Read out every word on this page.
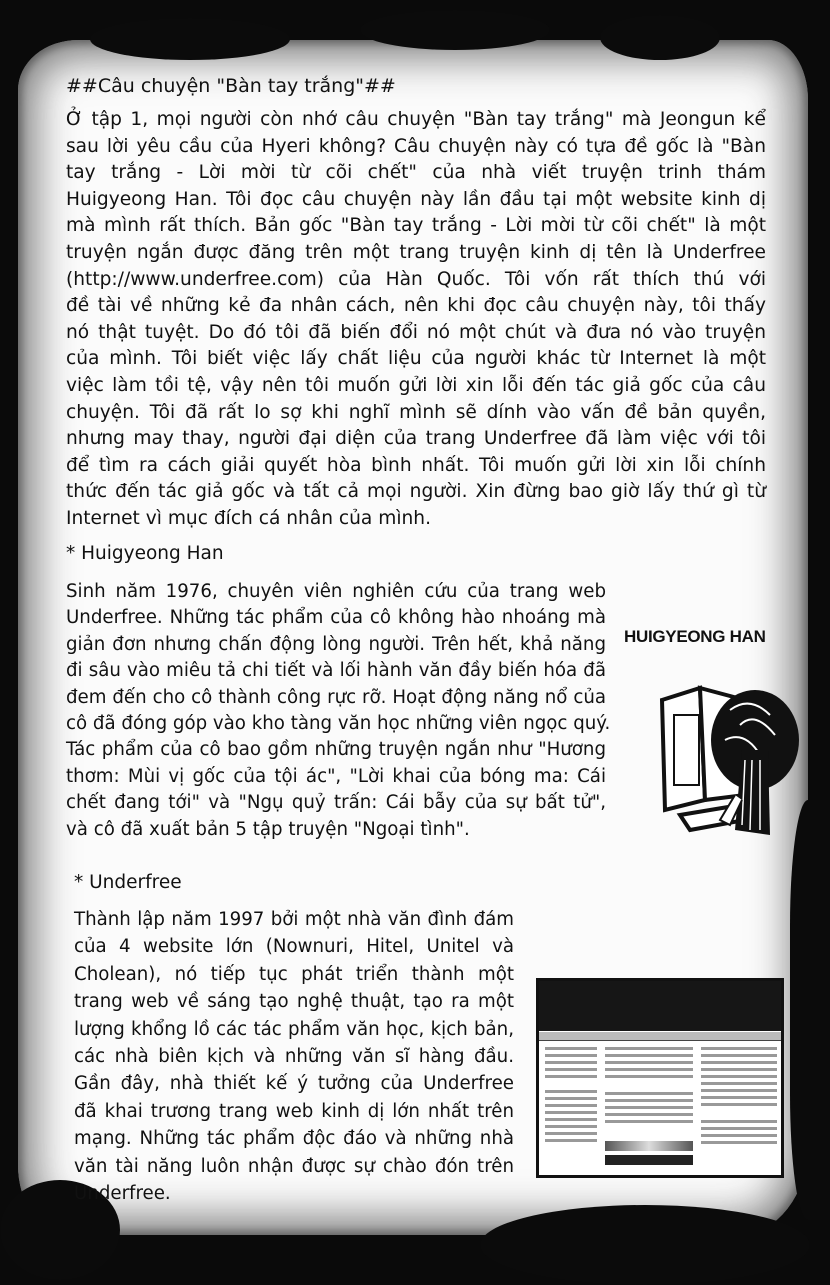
##Câu chuyện "Bàn tay trắng"##
Ở tập 1, mọi người còn nhớ câu chuyện "Bàn tay trắng" mà Jeongun kể
sau lời yêu cầu của Hyeri không? Câu chuyện này có tựa đề gốc là "Bàn
tay trắng - Lời mời từ cõi chết" của nhà viết truyện trinh thám
Huigyeong Han. Tôi đọc câu chuyện này lần đầu tại một website kinh dị
mà mình rất thích. Bản gốc "Bàn tay trắng - Lời mời từ cõi chết" là một
truyện ngắn được đăng trên một trang truyện kinh dị tên là Underfree
(http://www.underfree.com) của Hàn Quốc. Tôi vốn rất thích thú với
đề tài về những kẻ đa nhân cách, nên khi đọc câu chuyện này, tôi thấy
nó thật tuyệt. Do đó tôi đã biến đổi nó một chút và đưa nó vào truyện
của mình. Tôi biết việc lấy chất liệu của người khác từ Internet là một
việc làm tồi tệ, vậy nên tôi muốn gửi lời xin lỗi đến tác giả gốc của câu
chuyện. Tôi đã rất lo sợ khi nghĩ mình sẽ dính vào vấn đề bản quyền,
nhưng may thay, người đại diện của trang Underfree đã làm việc với tôi
để tìm ra cách giải quyết hòa bình nhất. Tôi muốn gửi lời xin lỗi chính
thức đến tác giả gốc và tất cả mọi người. Xin đừng bao giờ lấy thứ gì từ
Internet vì mục đích cá nhân của mình.
* Huigyeong Han
Sinh năm 1976, chuyên viên nghiên cứu của trang web
Underfree. Những tác phẩm của cô không hào nhoáng mà
giản đơn nhưng chấn động lòng người. Trên hết, khả năng
đi sâu vào miêu tả chi tiết và lối hành văn đầy biến hóa đã
đem đến cho cô thành công rực rỡ. Hoạt động năng nổ của
cô đã đóng góp vào kho tàng văn học những viên ngọc quý.
Tác phẩm của cô bao gồm những truyện ngắn như "Hương
thơm: Mùi vị gốc của tội ác", "Lời khai của bóng ma: Cái
chết đang tới" và "Ngụ quỷ trấn: Cái bẫy của sự bất tử",
và cô đã xuất bản 5 tập truyện "Ngoại tình".
HUIGYEONG HAN
* Underfree
Thành lập năm 1997 bởi một nhà văn đình đám
của 4 website lớn (Nownuri, Hitel, Unitel và
Cholean), nó tiếp tục phát triển thành một
trang web về sáng tạo nghệ thuật, tạo ra một
lượng khổng lồ các tác phẩm văn học, kịch bản,
các nhà biên kịch và những văn sĩ hàng đầu.
Gần đây, nhà thiết kế ý tưởng của Underfree
đã khai trương trang web kinh dị lớn nhất trên
mạng. Những tác phẩm độc đáo và những nhà
văn tài năng luôn nhận được sự chào đón trên
Underfree.
